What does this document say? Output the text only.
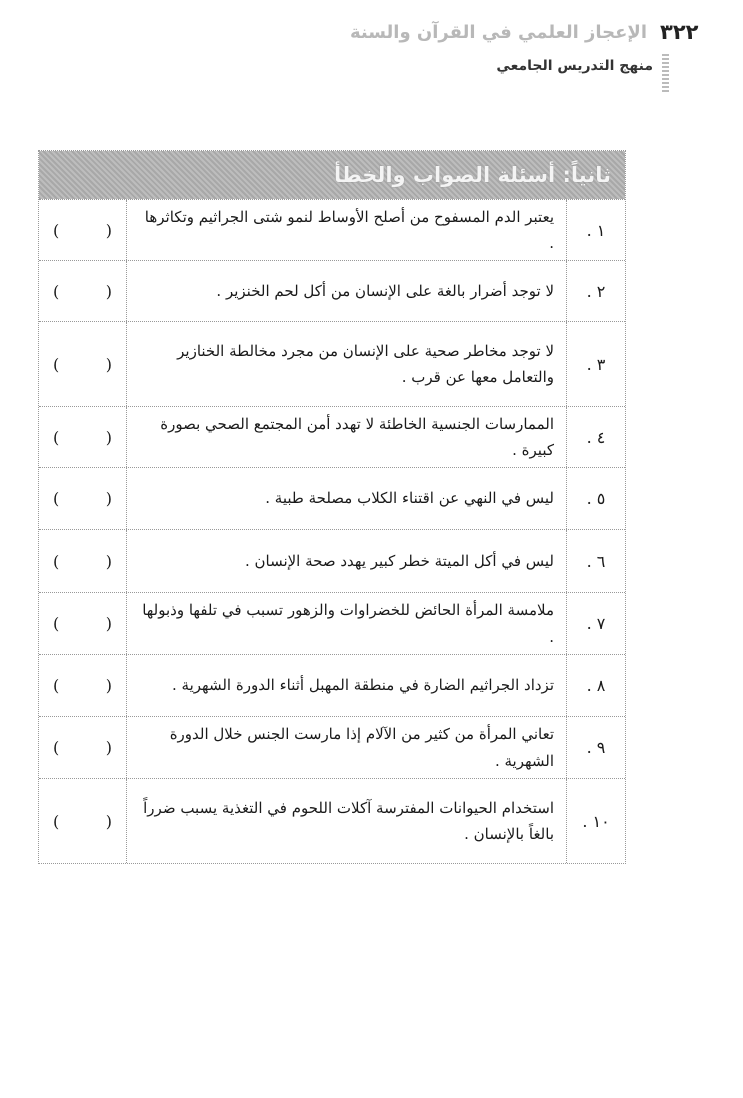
٣٢٢
الإعجاز العلمي في القرآن والسنة
منهج التدريس الجامعي
ثانياً: أسئلة الصواب والخطأ
١ .
يعتبر الدم المسفوح من أصلح الأوساط لنمو شتى الجراثيم وتكاثرها .
(	)
٢ .
لا توجد أضرار بالغة على الإنسان من أكل لحم الخنزير .
(	)
٣ .
لا توجد مخاطر صحية على الإنسان من مجرد مخالطة الخنازير والتعامل معها عن قرب .
(	)
٤ .
الممارسات الجنسية الخاطئة لا تهدد أمن المجتمع الصحي بصورة كبيرة .
(	)
٥ .
ليس في النهي عن اقتناء الكلاب مصلحة طبية .
(	)
٦ .
ليس في أكل الميتة خطر كبير يهدد صحة الإنسان .
(	)
٧ .
ملامسة المرأة الحائض للخضراوات والزهور تسبب في تلفها وذبولها .
(	)
٨ .
تزداد الجراثيم الضارة في منطقة المهبل أثناء الدورة الشهرية .
(	)
٩ .
تعاني المرأة من كثير من الآلام إذا مارست الجنس خلال الدورة الشهرية .
(	)
١٠ .
استخدام الحيوانات المفترسة آكلات اللحوم في التغذية يسبب ضرراً بالغاً بالإنسان .
(	)
